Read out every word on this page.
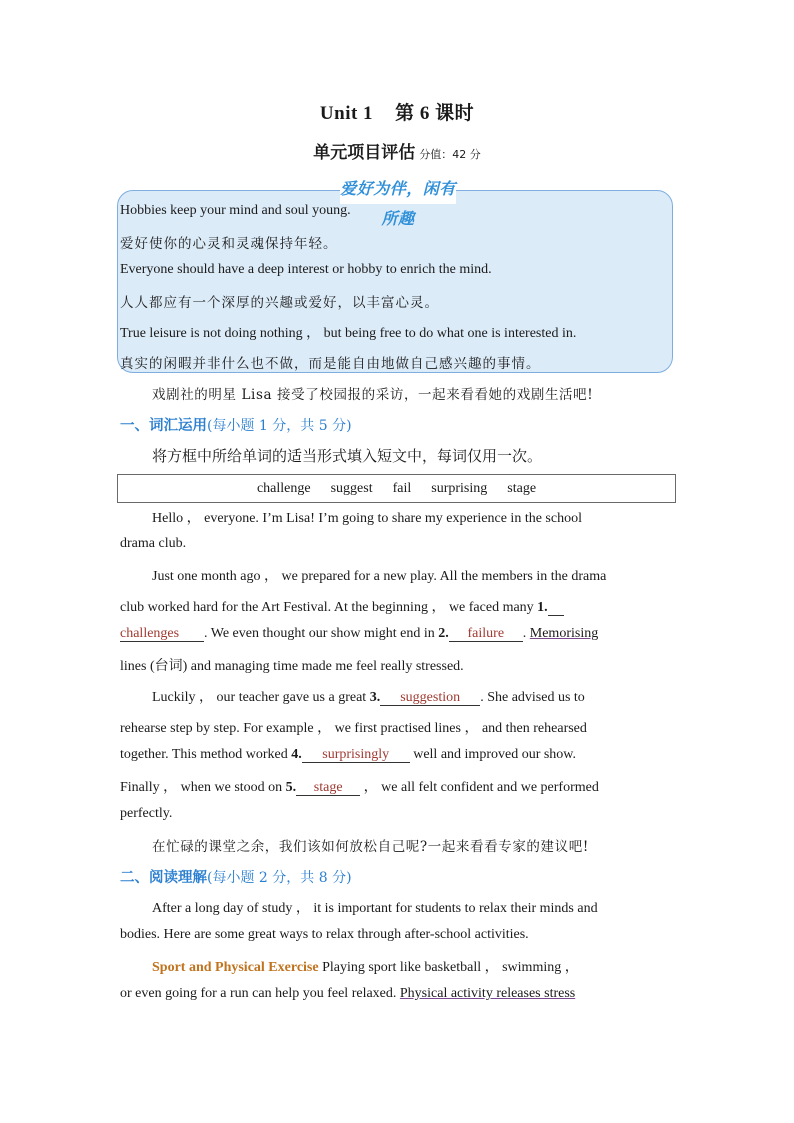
Unit 1 第 6 课时
单元项目评估 分值：42 分
爱好为伴，闲有所趣
Hobbies keep your mind and soul young.
爱好使你的心灵和灵魂保持年轻。
Everyone should have a deep interest or hobby to enrich the mind.
人人都应有一个深厚的兴趣或爱好，以丰富心灵。
True leisure is not doing nothing ， but being free to do what one is interested in.
真实的闲暇并非什么也不做，而是能自由地做自己感兴趣的事情。
戏剧社的明星 Lisa 接受了校园报的采访，一起来看看她的戏剧生活吧!
一、词汇运用(每小题 1 分，共 5 分)
将方框中所给单词的适当形式填入短文中，每词仅用一次。
challenge suggest fail surprising stage
Hello ， everyone. I’m Lisa! I’m going to share my experience in the school
drama club.
Just one month ago ， we prepared for a new play. All the members in the drama
club worked hard for the Art Festival. At the beginning ， we faced many 1.
challenges . We even thought our show might end in 2. failure . Memorising
lines (台词) and managing time made me feel really stressed.
Luckily ， our teacher gave us a great 3. suggestion . She advised us to
rehearse step by step. For example ， we first practised lines ， and then rehearsed
together. This method worked 4. surprisingly well and improved our show.
Finally ， when we stood on 5. stage ， we all felt confident and we performed
perfectly.
在忙碌的课堂之余，我们该如何放松自己呢?一起来看看专家的建议吧!
二、阅读理解(每小题 2 分，共 8 分)
After a long day of study ， it is important for students to relax their minds and
bodies. Here are some great ways to relax through after-school activities.
Sport and Physical Exercise Playing sport like basketball ， swimming ，
or even going for a run can help you feel relaxed. Physical activity releases stress
